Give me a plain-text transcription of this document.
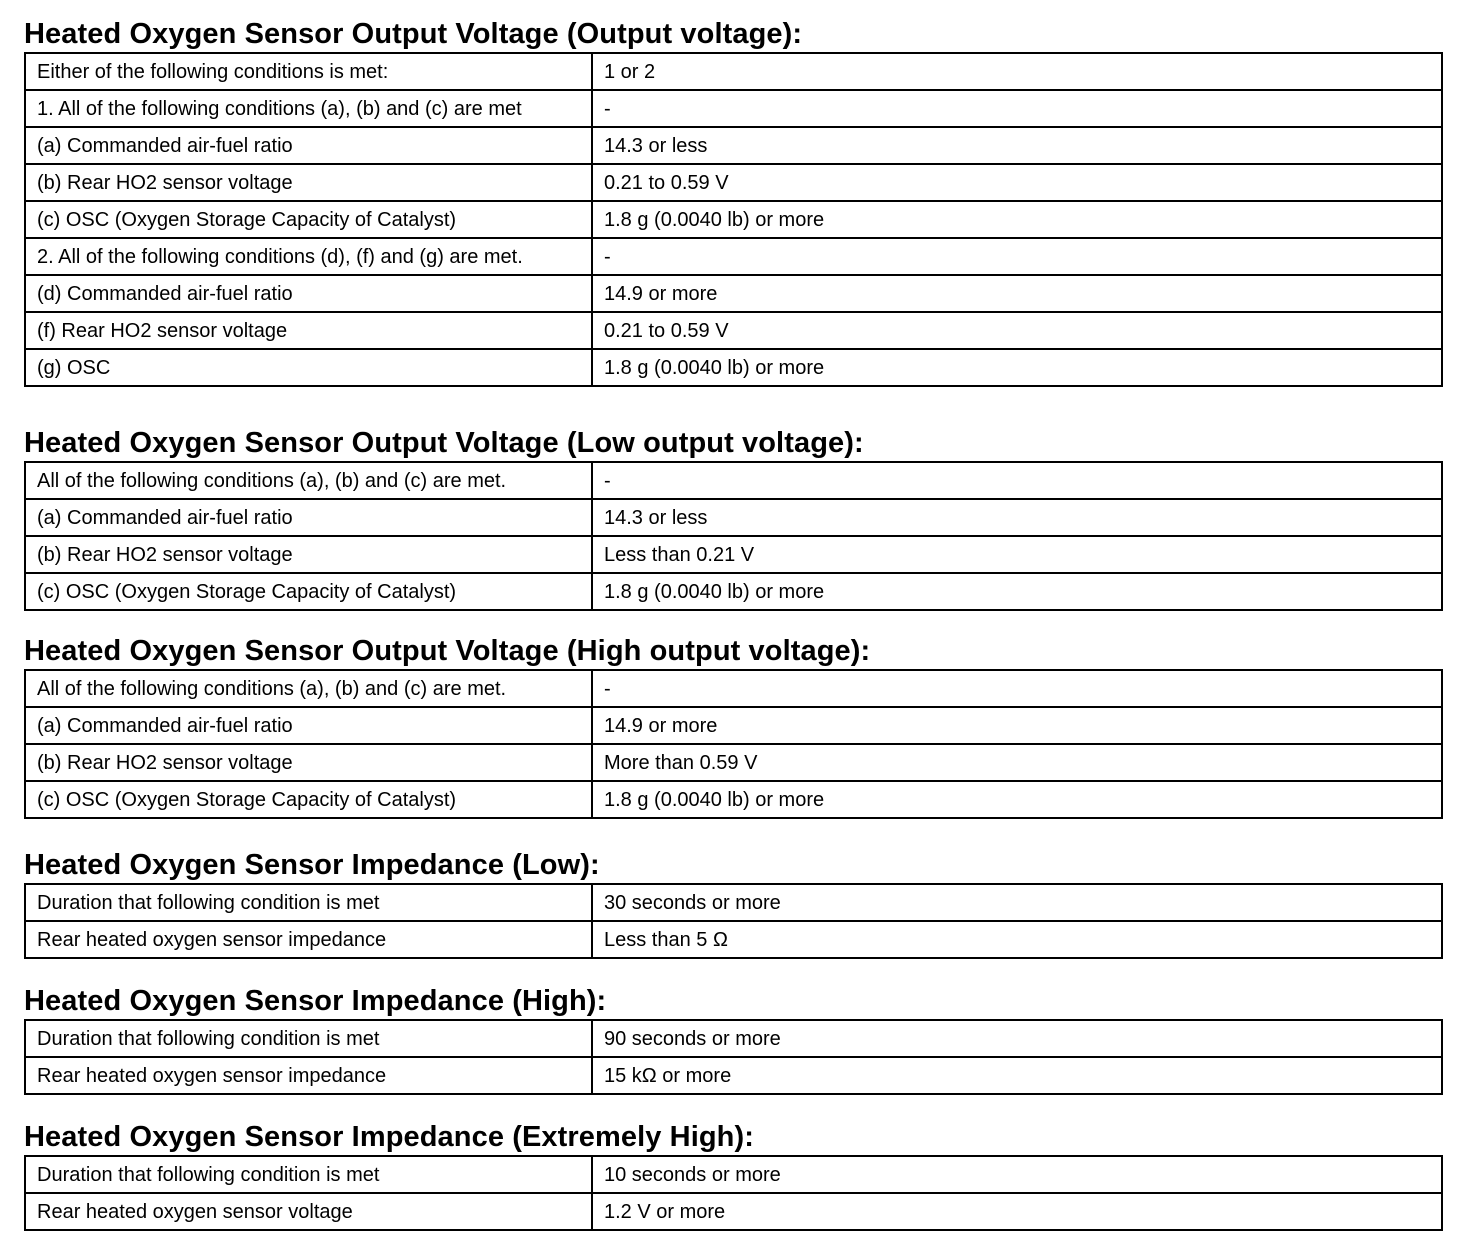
Heated Oxygen Sensor Output Voltage (Output voltage):
Either of the following conditions is met:	1 or 2
1. All of the following conditions (a), (b) and (c) are met	-
(a) Commanded air-fuel ratio	14.3 or less
(b) Rear HO2 sensor voltage	0.21 to 0.59 V
(c) OSC (Oxygen Storage Capacity of Catalyst)	1.8 g (0.0040 lb) or more
2. All of the following conditions (d), (f) and (g) are met.	-
(d) Commanded air-fuel ratio	14.9 or more
(f) Rear HO2 sensor voltage	0.21 to 0.59 V
(g) OSC	1.8 g (0.0040 lb) or more
Heated Oxygen Sensor Output Voltage (Low output voltage):
All of the following conditions (a), (b) and (c) are met.	-
(a) Commanded air-fuel ratio	14.3 or less
(b) Rear HO2 sensor voltage	Less than 0.21 V
(c) OSC (Oxygen Storage Capacity of Catalyst)	1.8 g (0.0040 lb) or more
Heated Oxygen Sensor Output Voltage (High output voltage):
All of the following conditions (a), (b) and (c) are met.	-
(a) Commanded air-fuel ratio	14.9 or more
(b) Rear HO2 sensor voltage	More than 0.59 V
(c) OSC (Oxygen Storage Capacity of Catalyst)	1.8 g (0.0040 lb) or more
Heated Oxygen Sensor Impedance (Low):
Duration that following condition is met	30 seconds or more
Rear heated oxygen sensor impedance	Less than 5 Ω
Heated Oxygen Sensor Impedance (High):
Duration that following condition is met	90 seconds or more
Rear heated oxygen sensor impedance	15 kΩ or more
Heated Oxygen Sensor Impedance (Extremely High):
Duration that following condition is met	10 seconds or more
Rear heated oxygen sensor voltage	1.2 V or more
